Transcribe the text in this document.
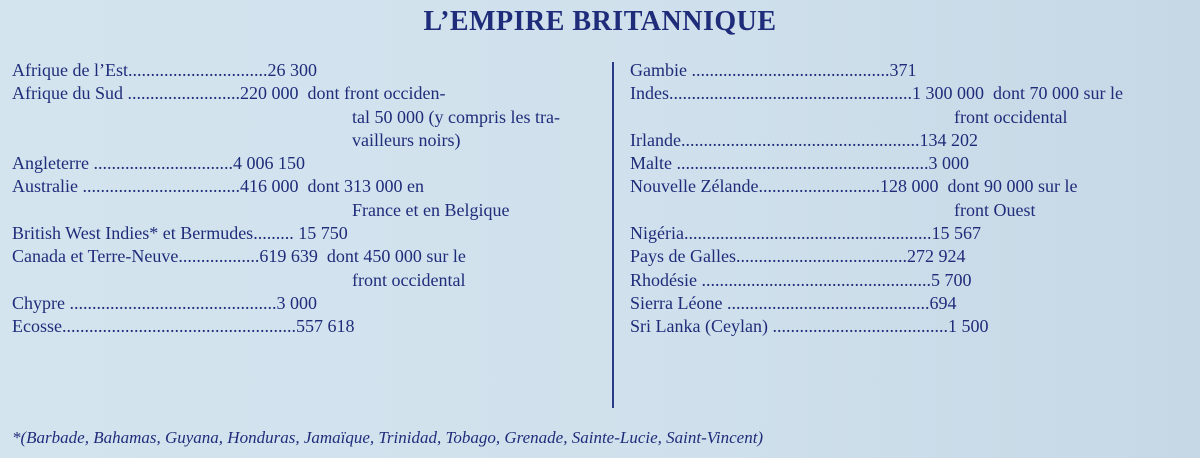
L’EMPIRE BRITANNIQUE
Afrique de l’Est...............................26 300
Afrique du Sud .........................220 000  dont front occiden-
tal 50 000 (y compris les tra-
vailleurs noirs)
Angleterre ...............................4 006 150
Australie ...................................416 000  dont 313 000 en
France et en Belgique
British West Indies* et Bermudes......... 15 750
Canada et Terre-Neuve..................619 639  dont 450 000 sur le
front occidental
Chypre ..............................................3 000
Ecosse....................................................557 618
Gambie ............................................371
Indes......................................................1 300 000  dont 70 000 sur le
front occidental
Irlande.....................................................134 202
Malte ........................................................3 000
Nouvelle Zélande...........................128 000  dont 90 000 sur le
front Ouest
Nigéria.......................................................15 567
Pays de Galles......................................272 924
Rhodésie ...................................................5 700
Sierra Léone .............................................694
Sri Lanka (Ceylan) .......................................1 500
*(Barbade, Bahamas, Guyana, Honduras, Jamaïque, Trinidad, Tobago, Grenade, Sainte-Lucie, Saint-Vincent)
